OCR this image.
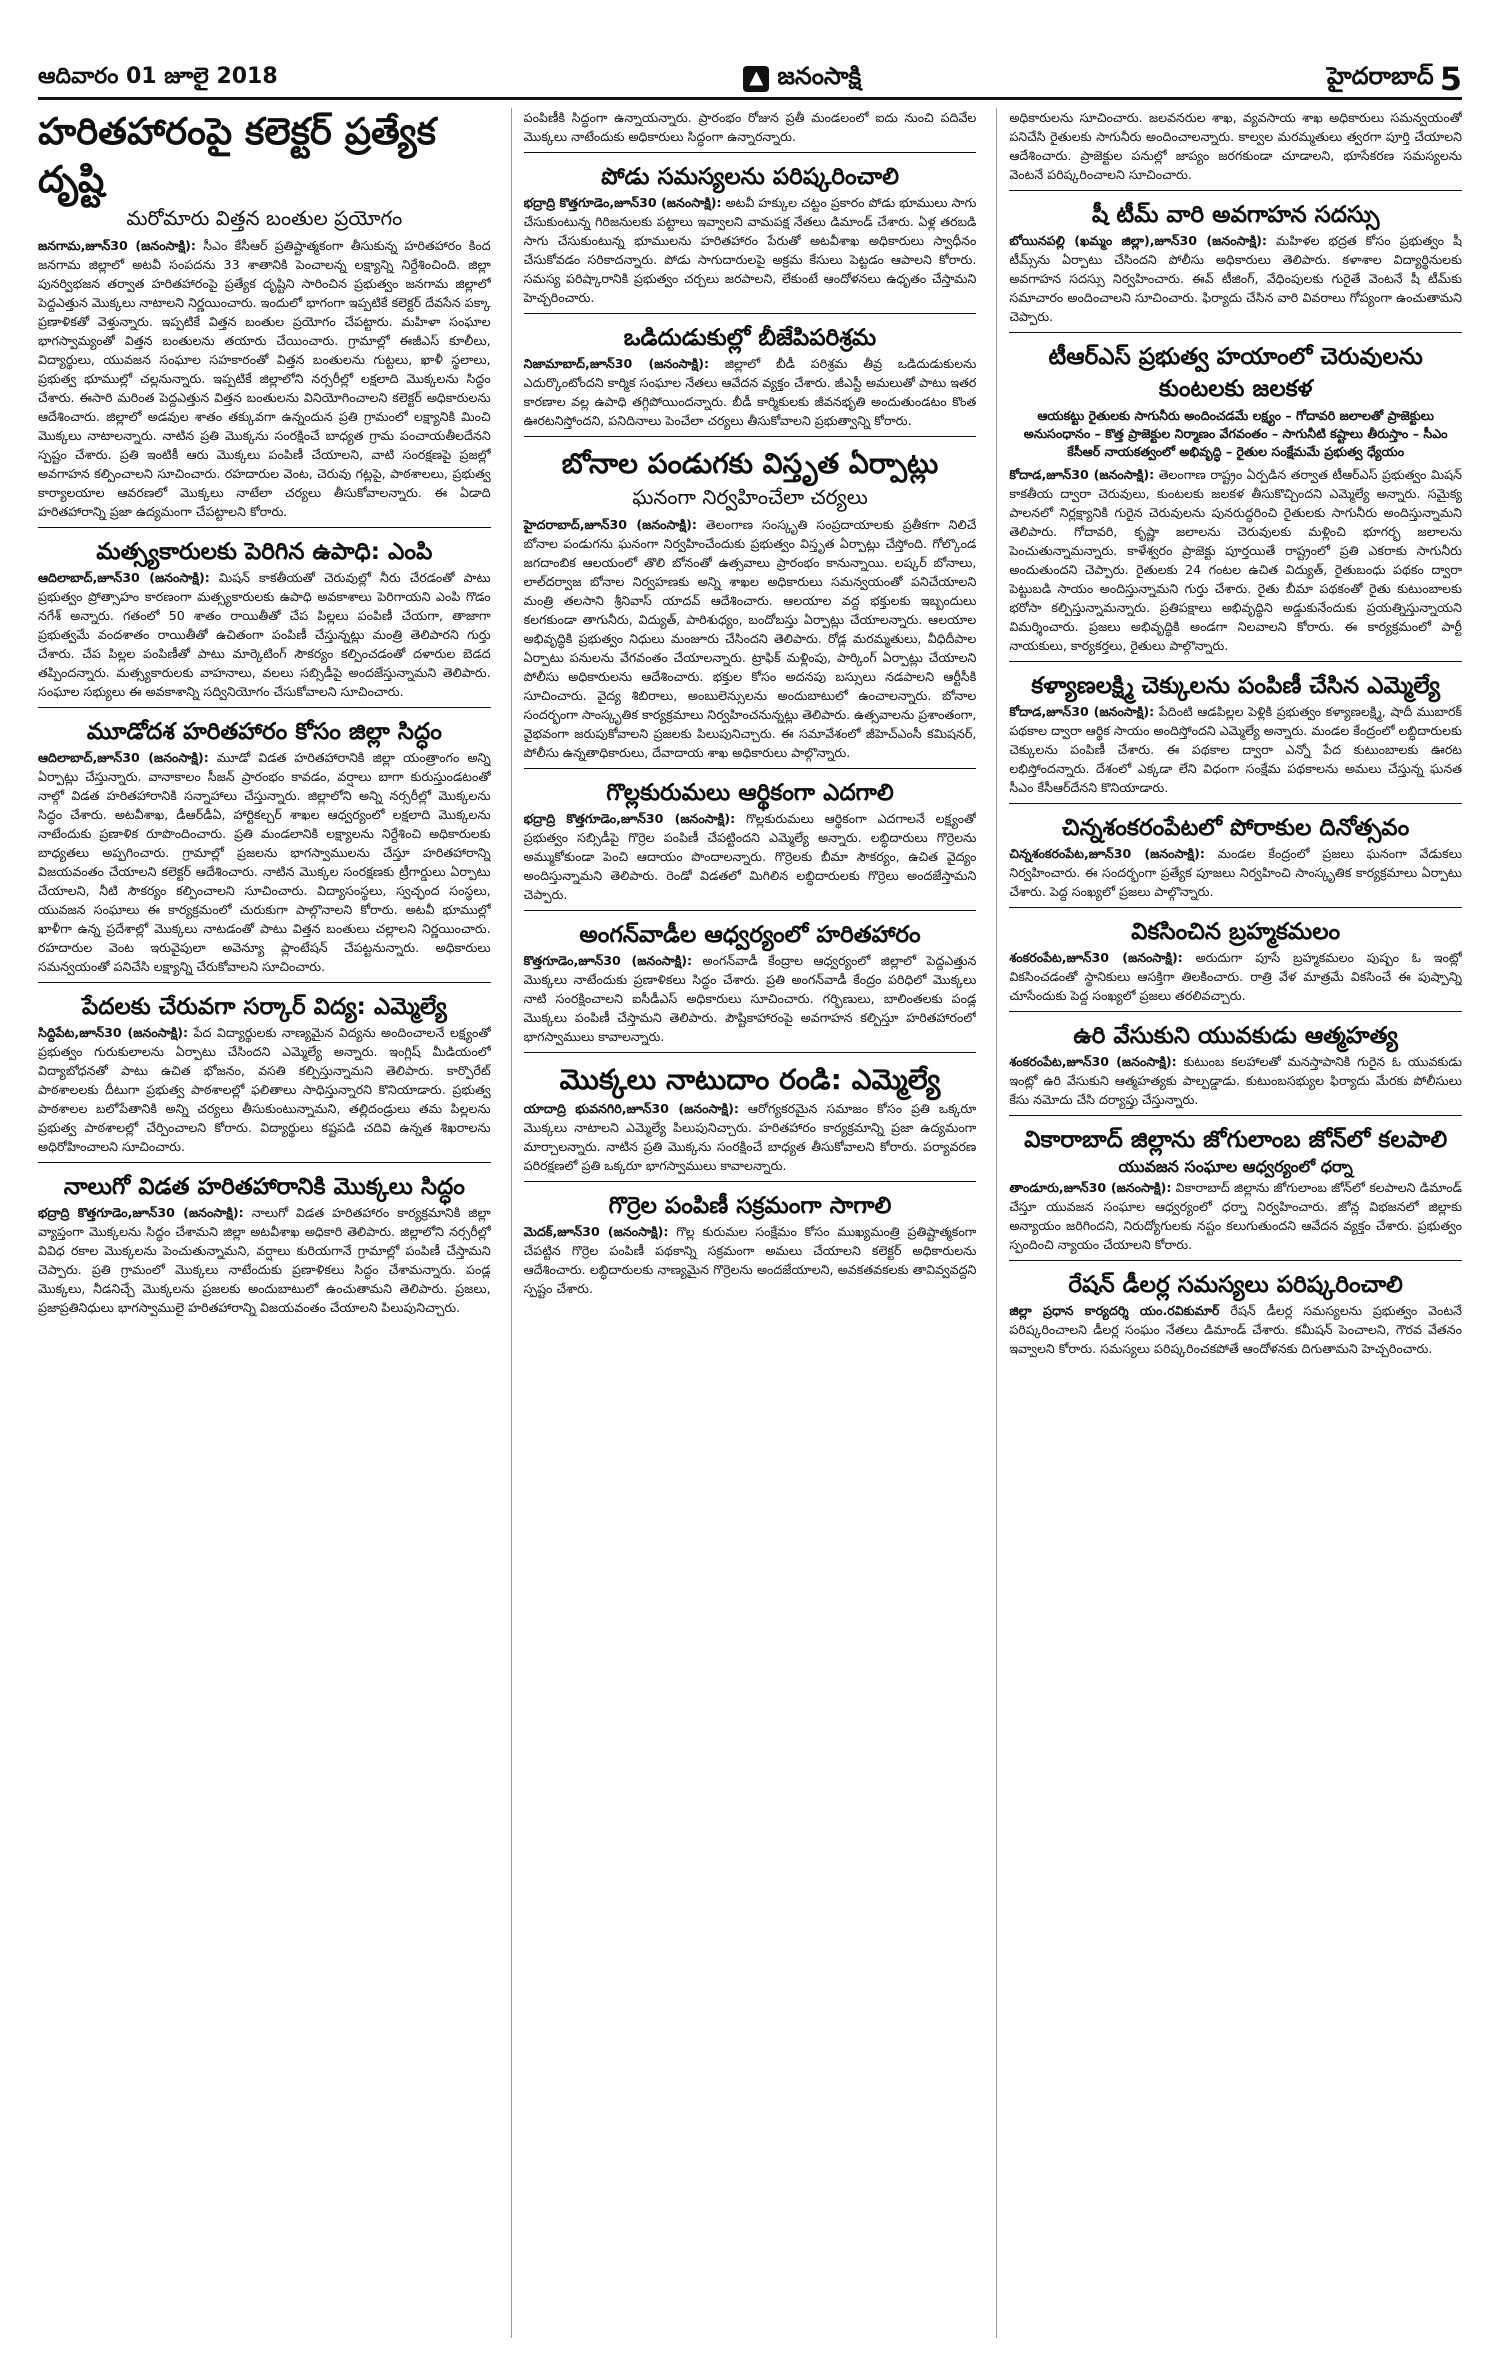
ఆదివారం 01 జూలై 2018	జనంసాక్షి	హైదరాబాద్ 5
హరితహారంపై కలెక్టర్ ప్రత్యేక దృష్టి
మరోమారు విత్తన బంతుల ప్రయోగం

జనగామ,జూన్30 (జనంసాక్షి): సీఎం కేసీఆర్ ప్రతిష్టాత్మకంగా తీసుకున్న హరితహారం కింద జనగామ జిల్లాలో అటవీ సంపదను 33 శాతానికి పెంచాలన్న లక్ష్యాన్ని నిర్దేశించింది. జిల్లా పునర్విభజన తర్వాత హరితహారంపై ప్రత్యేక దృష్టిని సారించిన ప్రభుత్వం జనగామ జిల్లాలో పెద్దఎత్తున మొక్కలు నాటాలని నిర్ణయించారు. ఇందులో భాగంగా ఇప్పటికే కలెక్టర్ దేవసేన పక్కా ప్రణాళికతో వెళ్తున్నారు. ఇప్పటికే విత్తన బంతుల ప్రయోగం చేపట్టారు. మహిళా సంఘాల భాగస్వామ్యంతో విత్తన బంతులను తయారు చేయించారు. గ్రామాల్లో ఈజీఎస్ కూలీలు, విద్యార్థులు, యువజన సంఘాల సహకారంతో విత్తన బంతులను గుట్టలు, ఖాళీ స్థలాలు, ప్రభుత్వ భూముల్లో చల్లనున్నారు. ఇప్పటికే జిల్లాలోని నర్సరీల్లో లక్షలాది మొక్కలను సిద్ధం చేశారు. ఈసారి మరింత పెద్దఎత్తున విత్తన బంతులను వినియోగించాలని కలెక్టర్ అధికారులను ఆదేశించారు. జిల్లాలో అడవుల శాతం తక్కువగా ఉన్నందున ప్రతి గ్రామంలో లక్ష్యానికి మించి మొక్కలు నాటాలన్నారు. నాటిన ప్రతి మొక్కను సంరక్షించే బాధ్యత గ్రామ పంచాయతీలదేనని స్పష్టం చేశారు. ప్రతి ఇంటికీ ఆరు మొక్కలు పంపిణీ చేయాలని, వాటి సంరక్షణపై ప్రజల్లో అవగాహన కల్పించాలని సూచించారు. రహదారుల వెంట, చెరువు గట్లపై, పాఠశాలలు, ప్రభుత్వ కార్యాలయాల ఆవరణలో మొక్కలు నాటేలా చర్యలు తీసుకోవాలన్నారు. ఈ ఏడాది హరితహారాన్ని ప్రజా ఉద్యమంగా చేపట్టాలని కోరారు.

మత్స్యకారులకు పెరిగిన ఉపాధి: ఎంపి

ఆదిలాబాద్,జూన్30 (జనంసాక్షి): మిషన్ కాకతీయతో చెరువుల్లో నీరు చేరడంతో పాటు ప్రభుత్వం ప్రోత్సాహం కారణంగా మత్స్యకారులకు ఉపాధి అవకాశాలు పెరిగాయని ఎంపి గొడం నగేశ్ అన్నారు. గతంలో 50 శాతం రాయితీతో చేప పిల్లలు పంపిణీ చేయగా, తాజాగా ప్రభుత్వమే వందశాతం రాయితీతో ఉచితంగా పంపిణీ చేస్తున్నట్లు మంత్రి తెలిపారని గుర్తు చేశారు. చేప పిల్లల పంపిణీతో పాటు మార్కెటింగ్ సౌకర్యం కల్పించడంతో దళారుల బెడద తప్పిందన్నారు. మత్స్యకారులకు వాహనాలు, వలలు సబ్సిడీపై అందజేస్తున్నామని తెలిపారు. సంఘాల సభ్యులు ఈ అవకాశాన్ని సద్వినియోగం చేసుకోవాలని సూచించారు.

మూడోదశ హరితహారం కోసం జిల్లా సిద్ధం

ఆదిలాబాద్,జూన్30 (జనంసాక్షి): మూడో విడత హరితహారానికి జిల్లా యంత్రాంగం అన్ని ఏర్పాట్లు చేస్తున్నారు. వానాకాలం సీజన్ ప్రారంభం కావడం, వర్షాలు బాగా కురుస్తుండటంతో నాల్గో విడత హరితహారానికి సన్నాహాలు చేస్తున్నారు. జిల్లాలోని అన్ని నర్సరీల్లో మొక్కలను సిద్ధం చేశారు. అటవీశాఖ, డీఆర్‌డీఏ, హార్టికల్చర్ శాఖల ఆధ్వర్యంలో లక్షలాది మొక్కలను నాటేందుకు ప్రణాళిక రూపొందించారు. ప్రతి మండలానికి లక్ష్యాలను నిర్దేశించి అధికారులకు బాధ్యతలు అప్పగించారు. గ్రామాల్లో ప్రజలను భాగస్వాములను చేస్తూ హరితహారాన్ని విజయవంతం చేయాలని కలెక్టర్ ఆదేశించారు. నాటిన మొక్కల సంరక్షణకు ట్రీగార్డులు ఏర్పాటు చేయాలని, నీటి సౌకర్యం కల్పించాలని సూచించారు. విద్యాసంస్థలు, స్వచ్ఛంద సంస్థలు, యువజన సంఘాలు ఈ కార్యక్రమంలో చురుకుగా పాల్గొనాలని కోరారు. అటవీ భూముల్లో ఖాళీగా ఉన్న ప్రదేశాల్లో మొక్కలు నాటడంతో పాటు విత్తన బంతులు చల్లాలని నిర్ణయించారు. రహదారుల వెంట ఇరువైపులా అవెన్యూ ప్లాంటేషన్ చేపట్టనున్నారు. అధికారులు సమన్వయంతో పనిచేసి లక్ష్యాన్ని చేరుకోవాలని సూచించారు.

పేదలకు చేరువగా సర్కార్ విద్య: ఎమ్మెల్యే

సిద్దిపేట,జూన్30 (జనంసాక్షి): పేద విద్యార్థులకు నాణ్యమైన విద్యను అందించాలనే లక్ష్యంతో ప్రభుత్వం గురుకులాలను ఏర్పాటు చేసిందని ఎమ్మెల్యే అన్నారు. ఇంగ్లిష్ మీడియంలో విద్యాబోధనతో పాటు ఉచిత భోజనం, వసతి కల్పిస్తున్నామని తెలిపారు. కార్పొరేట్ పాఠశాలలకు దీటుగా ప్రభుత్వ పాఠశాలల్లో ఫలితాలు సాధిస్తున్నారని కొనియాడారు. ప్రభుత్వ పాఠశాలల బలోపేతానికి అన్ని చర్యలు తీసుకుంటున్నామని, తల్లిదండ్రులు తమ పిల్లలను ప్రభుత్వ పాఠశాలల్లో చేర్పించాలని కోరారు. విద్యార్థులు కష్టపడి చదివి ఉన్నత శిఖరాలను అధిరోహించాలని సూచించారు.

నాలుగో విడత హరితహారానికి మొక్కలు సిద్ధం

భద్రాద్రి కొత్తగూడెం,జూన్30 (జనంసాక్షి): నాలుగో విడత హరితహారం కార్యక్రమానికి జిల్లా వ్యాప్తంగా మొక్కలను సిద్ధం చేశామని జిల్లా అటవీశాఖ అధికారి తెలిపారు. జిల్లాలోని నర్సరీల్లో వివిధ రకాల మొక్కలను పెంచుతున్నామని, వర్షాలు కురియగానే గ్రామాల్లో పంపిణీ చేస్తామని చెప్పారు. ప్రతి గ్రామంలో మొక్కలు నాటేందుకు ప్రణాళికలు సిద్ధం చేశామన్నారు. పండ్ల మొక్కలు, నీడనిచ్చే మొక్కలను ప్రజలకు అందుబాటులో ఉంచుతామని తెలిపారు. ప్రజలు, ప్రజాప్రతినిధులు భాగస్వాములై హరితహారాన్ని విజయవంతం చేయాలని పిలుపునిచ్చారు.

పంపిణీకి సిద్ధంగా ఉన్నాయన్నారు. ప్రారంభం రోజున ప్రతీ మండలంలో ఐదు నుంచి పదివేల మొక్కలు నాటేందుకు అధికారులు సిద్ధంగా ఉన్నారన్నారు.

పోడు సమస్యలను పరిష్కరించాలి

భద్రాద్రి కొత్తగూడెం,జూన్30 (జనంసాక్షి): అటవీ హక్కుల చట్టం ప్రకారం పోడు భూములు సాగు చేసుకుంటున్న గిరిజనులకు పట్టాలు ఇవ్వాలని వామపక్ష నేతలు డిమాండ్ చేశారు. ఏళ్ల తరబడి సాగు చేసుకుంటున్న భూములను హరితహారం పేరుతో అటవీశాఖ అధికారులు స్వాధీనం చేసుకోవడం సరికాదన్నారు. పోడు సాగుదారులపై అక్రమ కేసులు పెట్టడం ఆపాలని కోరారు. సమస్య పరిష్కారానికి ప్రభుత్వం చర్చలు జరపాలని, లేకుంటే ఆందోళనలు ఉధృతం చేస్తామని హెచ్చరించారు.

ఒడిదుడుకుల్లో బీజేపిపరిశ్రమ

నిజామాబాద్,జూన్30 (జనంసాక్షి): జిల్లాలో బీడీ పరిశ్రమ తీవ్ర ఒడిదుడుకులను ఎదుర్కొంటోందని కార్మిక సంఘాల నేతలు ఆవేదన వ్యక్తం చేశారు. జీఎస్టీ అమలుతో పాటు ఇతర కారణాల వల్ల ఉపాధి తగ్గిపోయిందన్నారు. బీడీ కార్మికులకు జీవనభృతి అందుతుండటం కొంత ఊరటనిస్తోందని, పనిదినాలు పెంచేలా చర్యలు తీసుకోవాలని ప్రభుత్వాన్ని కోరారు.

బోనాల పండుగకు విస్తృత ఏర్పాట్లు
ఘనంగా నిర్వహించేలా చర్యలు

హైదరాబాద్,జూన్30 (జనంసాక్షి): తెలంగాణ సంస్కృతి సంప్రదాయాలకు ప్రతీకగా నిలిచే బోనాల పండుగను ఘనంగా నిర్వహించేందుకు ప్రభుత్వం విస్తృత ఏర్పాట్లు చేస్తోంది. గోల్కొండ జగదాంబిక ఆలయంలో తొలి బోనంతో ఉత్సవాలు ప్రారంభం కానున్నాయి. లష్కర్ బోనాలు, లాల్‌దర్వాజ బోనాల నిర్వహణకు అన్ని శాఖల అధికారులు సమన్వయంతో పనిచేయాలని మంత్రి తలసాని శ్రీనివాస్ యాదవ్ ఆదేశించారు. ఆలయాల వద్ద భక్తులకు ఇబ్బందులు కలగకుండా తాగునీరు, విద్యుత్, పారిశుధ్యం, బందోబస్తు ఏర్పాట్లు చేయాలన్నారు. ఆలయాల అభివృద్ధికి ప్రభుత్వం నిధులు మంజూరు చేసిందని తెలిపారు. రోడ్ల మరమ్మతులు, వీధిదీపాల ఏర్పాటు పనులను వేగవంతం చేయాలన్నారు. ట్రాఫిక్ మళ్లింపు, పార్కింగ్ ఏర్పాట్లు చేయాలని పోలీసు అధికారులను ఆదేశించారు. భక్తుల కోసం అదనపు బస్సులు నడపాలని ఆర్టీసీకి సూచించారు. వైద్య శిబిరాలు, అంబులెన్సులను అందుబాటులో ఉంచాలన్నారు. బోనాల సందర్భంగా సాంస్కృతిక కార్యక్రమాలు నిర్వహించనున్నట్లు తెలిపారు. ఉత్సవాలను ప్రశాంతంగా, వైభవంగా జరుపుకోవాలని ప్రజలకు పిలుపునిచ్చారు. ఈ సమావేశంలో జీహెచ్‌ఎంసీ కమిషనర్, పోలీసు ఉన్నతాధికారులు, దేవాదాయ శాఖ అధికారులు పాల్గొన్నారు.

గొల్లకురుమలు ఆర్థికంగా ఎదగాలి

భద్రాద్రి కొత్తగూడెం,జూన్30 (జనంసాక్షి): గొల్లకురుమలు ఆర్థికంగా ఎదగాలనే లక్ష్యంతో ప్రభుత్వం సబ్సిడీపై గొర్రెల పంపిణీ చేపట్టిందని ఎమ్మెల్యే అన్నారు. లబ్ధిదారులు గొర్రెలను అమ్ముకోకుండా పెంచి ఆదాయం పొందాలన్నారు. గొర్రెలకు బీమా సౌకర్యం, ఉచిత వైద్యం అందిస్తున్నామని తెలిపారు. రెండో విడతలో మిగిలిన లబ్ధిదారులకు గొర్రెలు అందజేస్తామని చెప్పారు.

అంగన్‌వాడీల ఆధ్వర్యంలో హరితహారం

కొత్తగూడెం,జూన్30 (జనంసాక్షి): అంగన్‌వాడీ కేంద్రాల ఆధ్వర్యంలో జిల్లాలో పెద్దఎత్తున మొక్కలు నాటేందుకు ప్రణాళికలు సిద్ధం చేశారు. ప్రతి అంగన్‌వాడీ కేంద్రం పరిధిలో మొక్కలు నాటి సంరక్షించాలని ఐసీడీఎస్ అధికారులు సూచించారు. గర్భిణులు, బాలింతలకు పండ్ల మొక్కలు పంపిణీ చేస్తామని తెలిపారు. పౌష్టికాహారంపై అవగాహన కల్పిస్తూ హరితహారంలో భాగస్వాములు కావాలన్నారు.

మొక్కలు నాటుదాం రండి: ఎమ్మెల్యే

యాదాద్రి భువనగిరి,జూన్30 (జనంసాక్షి): ఆరోగ్యకరమైన సమాజం కోసం ప్రతి ఒక్కరూ మొక్కలు నాటాలని ఎమ్మెల్యే పిలుపునిచ్చారు. హరితహారం కార్యక్రమాన్ని ప్రజా ఉద్యమంగా మార్చాలన్నారు. నాటిన ప్రతి మొక్కను సంరక్షించే బాధ్యత తీసుకోవాలని కోరారు. పర్యావరణ పరిరక్షణలో ప్రతి ఒక్కరూ భాగస్వాములు కావాలన్నారు.

గొర్రెల పంపిణీ సక్రమంగా సాగాలి

మెదక్,జూన్30 (జనంసాక్షి): గొల్ల కురుమల సంక్షేమం కోసం ముఖ్యమంత్రి ప్రతిష్టాత్మకంగా చేపట్టిన గొర్రెల పంపిణీ పథకాన్ని సక్రమంగా అమలు చేయాలని కలెక్టర్ అధికారులను ఆదేశించారు. లబ్ధిదారులకు నాణ్యమైన గొర్రెలను అందజేయాలని, అవకతవకలకు తావివ్వవద్దని స్పష్టం చేశారు.

అధికారులను సూచించారు. జలవనరుల శాఖ, వ్యవసాయ శాఖ అధికారులు సమన్వయంతో పనిచేసి రైతులకు సాగునీరు అందించాలన్నారు. కాల్వల మరమ్మతులు త్వరగా పూర్తి చేయాలని ఆదేశించారు. ప్రాజెక్టుల పనుల్లో జాప్యం జరగకుండా చూడాలని, భూసేకరణ సమస్యలను వెంటనే పరిష్కరించాలని సూచించారు.

షీ టీమ్ వారి అవగాహన సదస్సు

బోయినపల్లి (ఖమ్మం జిల్లా),జూన్30 (జనంసాక్షి): మహిళల భద్రత కోసం ప్రభుత్వం షీ టీమ్స్‌ను ఏర్పాటు చేసిందని పోలీసు అధికారులు తెలిపారు. కళాశాల విద్యార్థినులకు అవగాహన సదస్సు నిర్వహించారు. ఈవ్ టీజింగ్, వేధింపులకు గురైతే వెంటనే షీ టీమ్‌కు సమాచారం అందించాలని సూచించారు. ఫిర్యాదు చేసిన వారి వివరాలు గోప్యంగా ఉంచుతామని చెప్పారు.

టీఆర్‌ఎస్ ప్రభుత్వ హయాంలో చెరువులను కుంటలకు జలకళ
ఆయకట్టు రైతులకు సాగునీరు అందించడమే లక్ష్యం – గోదావరి జలాలతో ప్రాజెక్టులు అనుసంధానం – కొత్త ప్రాజెక్టుల నిర్మాణం వేగవంతం – సాగునీటి కష్టాలు తీరుస్తాం – సీఎం కేసీఆర్ నాయకత్వంలో అభివృద్ధి – రైతుల సంక్షేమమే ప్రభుత్వ ధ్యేయం

కోదాడ,జూన్30 (జనంసాక్షి): తెలంగాణ రాష్ట్రం ఏర్పడిన తర్వాత టీఆర్‌ఎస్ ప్రభుత్వం మిషన్ కాకతీయ ద్వారా చెరువులు, కుంటలకు జలకళ తీసుకొచ్చిందని ఎమ్మెల్యే అన్నారు. సమైక్య పాలనలో నిర్లక్ష్యానికి గురైన చెరువులను పునరుద్ధరించి రైతులకు సాగునీరు అందిస్తున్నామని తెలిపారు. గోదావరి, కృష్ణా జలాలను చెరువులకు మళ్లించి భూగర్భ జలాలను పెంచుతున్నామన్నారు. కాళేశ్వరం ప్రాజెక్టు పూర్తయితే రాష్ట్రంలో ప్రతి ఎకరాకు సాగునీరు అందుతుందని చెప్పారు. రైతులకు 24 గంటల ఉచిత విద్యుత్, రైతుబంధు పథకం ద్వారా పెట్టుబడి సాయం అందిస్తున్నామని గుర్తు చేశారు. రైతు బీమా పథకంతో రైతు కుటుంబాలకు భరోసా కల్పిస్తున్నామన్నారు. ప్రతిపక్షాలు అభివృద్ధిని అడ్డుకునేందుకు ప్రయత్నిస్తున్నాయని విమర్శించారు. ప్రజలు అభివృద్ధికి అండగా నిలవాలని కోరారు. ఈ కార్యక్రమంలో పార్టీ నాయకులు, కార్యకర్తలు, రైతులు పాల్గొన్నారు.

కళ్యాణలక్ష్మి చెక్కులను పంపిణీ చేసిన ఎమ్మెల్యే

కోదాడ,జూన్30 (జనంసాక్షి): పేదింటి ఆడపిల్లల పెళ్లికి ప్రభుత్వం కళ్యాణలక్ష్మి, షాదీ ముబారక్ పథకాల ద్వారా ఆర్థిక సాయం అందిస్తోందని ఎమ్మెల్యే అన్నారు. మండల కేంద్రంలో లబ్ధిదారులకు చెక్కులను పంపిణీ చేశారు. ఈ పథకాల ద్వారా ఎన్నో పేద కుటుంబాలకు ఊరట లభిస్తోందన్నారు. దేశంలో ఎక్కడా లేని విధంగా సంక్షేమ పథకాలను అమలు చేస్తున్న ఘనత సీఎం కేసీఆర్‌దేనని కొనియాడారు.

చిన్నశంకరంపేటలో పోరాకుల దినోత్సవం

చిన్నశంకరంపేట,జూన్30 (జనంసాక్షి): మండల కేంద్రంలో ప్రజలు ఘనంగా వేడుకలు నిర్వహించారు. ఈ సందర్భంగా ప్రత్యేక పూజలు నిర్వహించి సాంస్కృతిక కార్యక్రమాలు ఏర్పాటు చేశారు. పెద్ద సంఖ్యలో ప్రజలు పాల్గొన్నారు.

వికసించిన బ్రహ్మకమలం

శంకరంపేట,జూన్30 (జనంసాక్షి): అరుదుగా పూసే బ్రహ్మకమలం పుష్పం ఓ ఇంట్లో వికసించడంతో స్థానికులు ఆసక్తిగా తిలకించారు. రాత్రి వేళ మాత్రమే వికసించే ఈ పుష్పాన్ని చూసేందుకు పెద్ద సంఖ్యలో ప్రజలు తరలివచ్చారు.

ఉరి వేసుకుని యువకుడు ఆత్మహత్య

శంకరంపేట,జూన్30 (జనంసాక్షి): కుటుంబ కలహాలతో మనస్తాపానికి గురైన ఓ యువకుడు ఇంట్లో ఉరి వేసుకుని ఆత్మహత్యకు పాల్పడ్డాడు. కుటుంబసభ్యుల ఫిర్యాదు మేరకు పోలీసులు కేసు నమోదు చేసి దర్యాప్తు చేస్తున్నారు.

వికారాబాద్ జిల్లాను జోగులాంబ జోన్‌లో కలపాలి
యువజన సంఘాల ఆధ్వర్యంలో ధర్నా

తాండూరు,జూన్30 (జనంసాక్షి): వికారాబాద్ జిల్లాను జోగులాంబ జోన్‌లో కలపాలని డిమాండ్ చేస్తూ యువజన సంఘాల ఆధ్వర్యంలో ధర్నా నిర్వహించారు. జోన్ల విభజనలో జిల్లాకు అన్యాయం జరిగిందని, నిరుద్యోగులకు నష్టం కలుగుతుందని ఆవేదన వ్యక్తం చేశారు. ప్రభుత్వం స్పందించి న్యాయం చేయాలని కోరారు.

రేషన్ డీలర్ల సమస్యలు పరిష్కరించాలి

జిల్లా ప్రధాన కార్యదర్శి యం.రవికుమార్ రేషన్ డీలర్ల సమస్యలను ప్రభుత్వం వెంటనే పరిష్కరించాలని డీలర్ల సంఘం నేతలు డిమాండ్ చేశారు. కమీషన్ పెంచాలని, గౌరవ వేతనం ఇవ్వాలని కోరారు. సమస్యలు పరిష్కరించకపోతే ఆందోళనకు దిగుతామని హెచ్చరించారు.
